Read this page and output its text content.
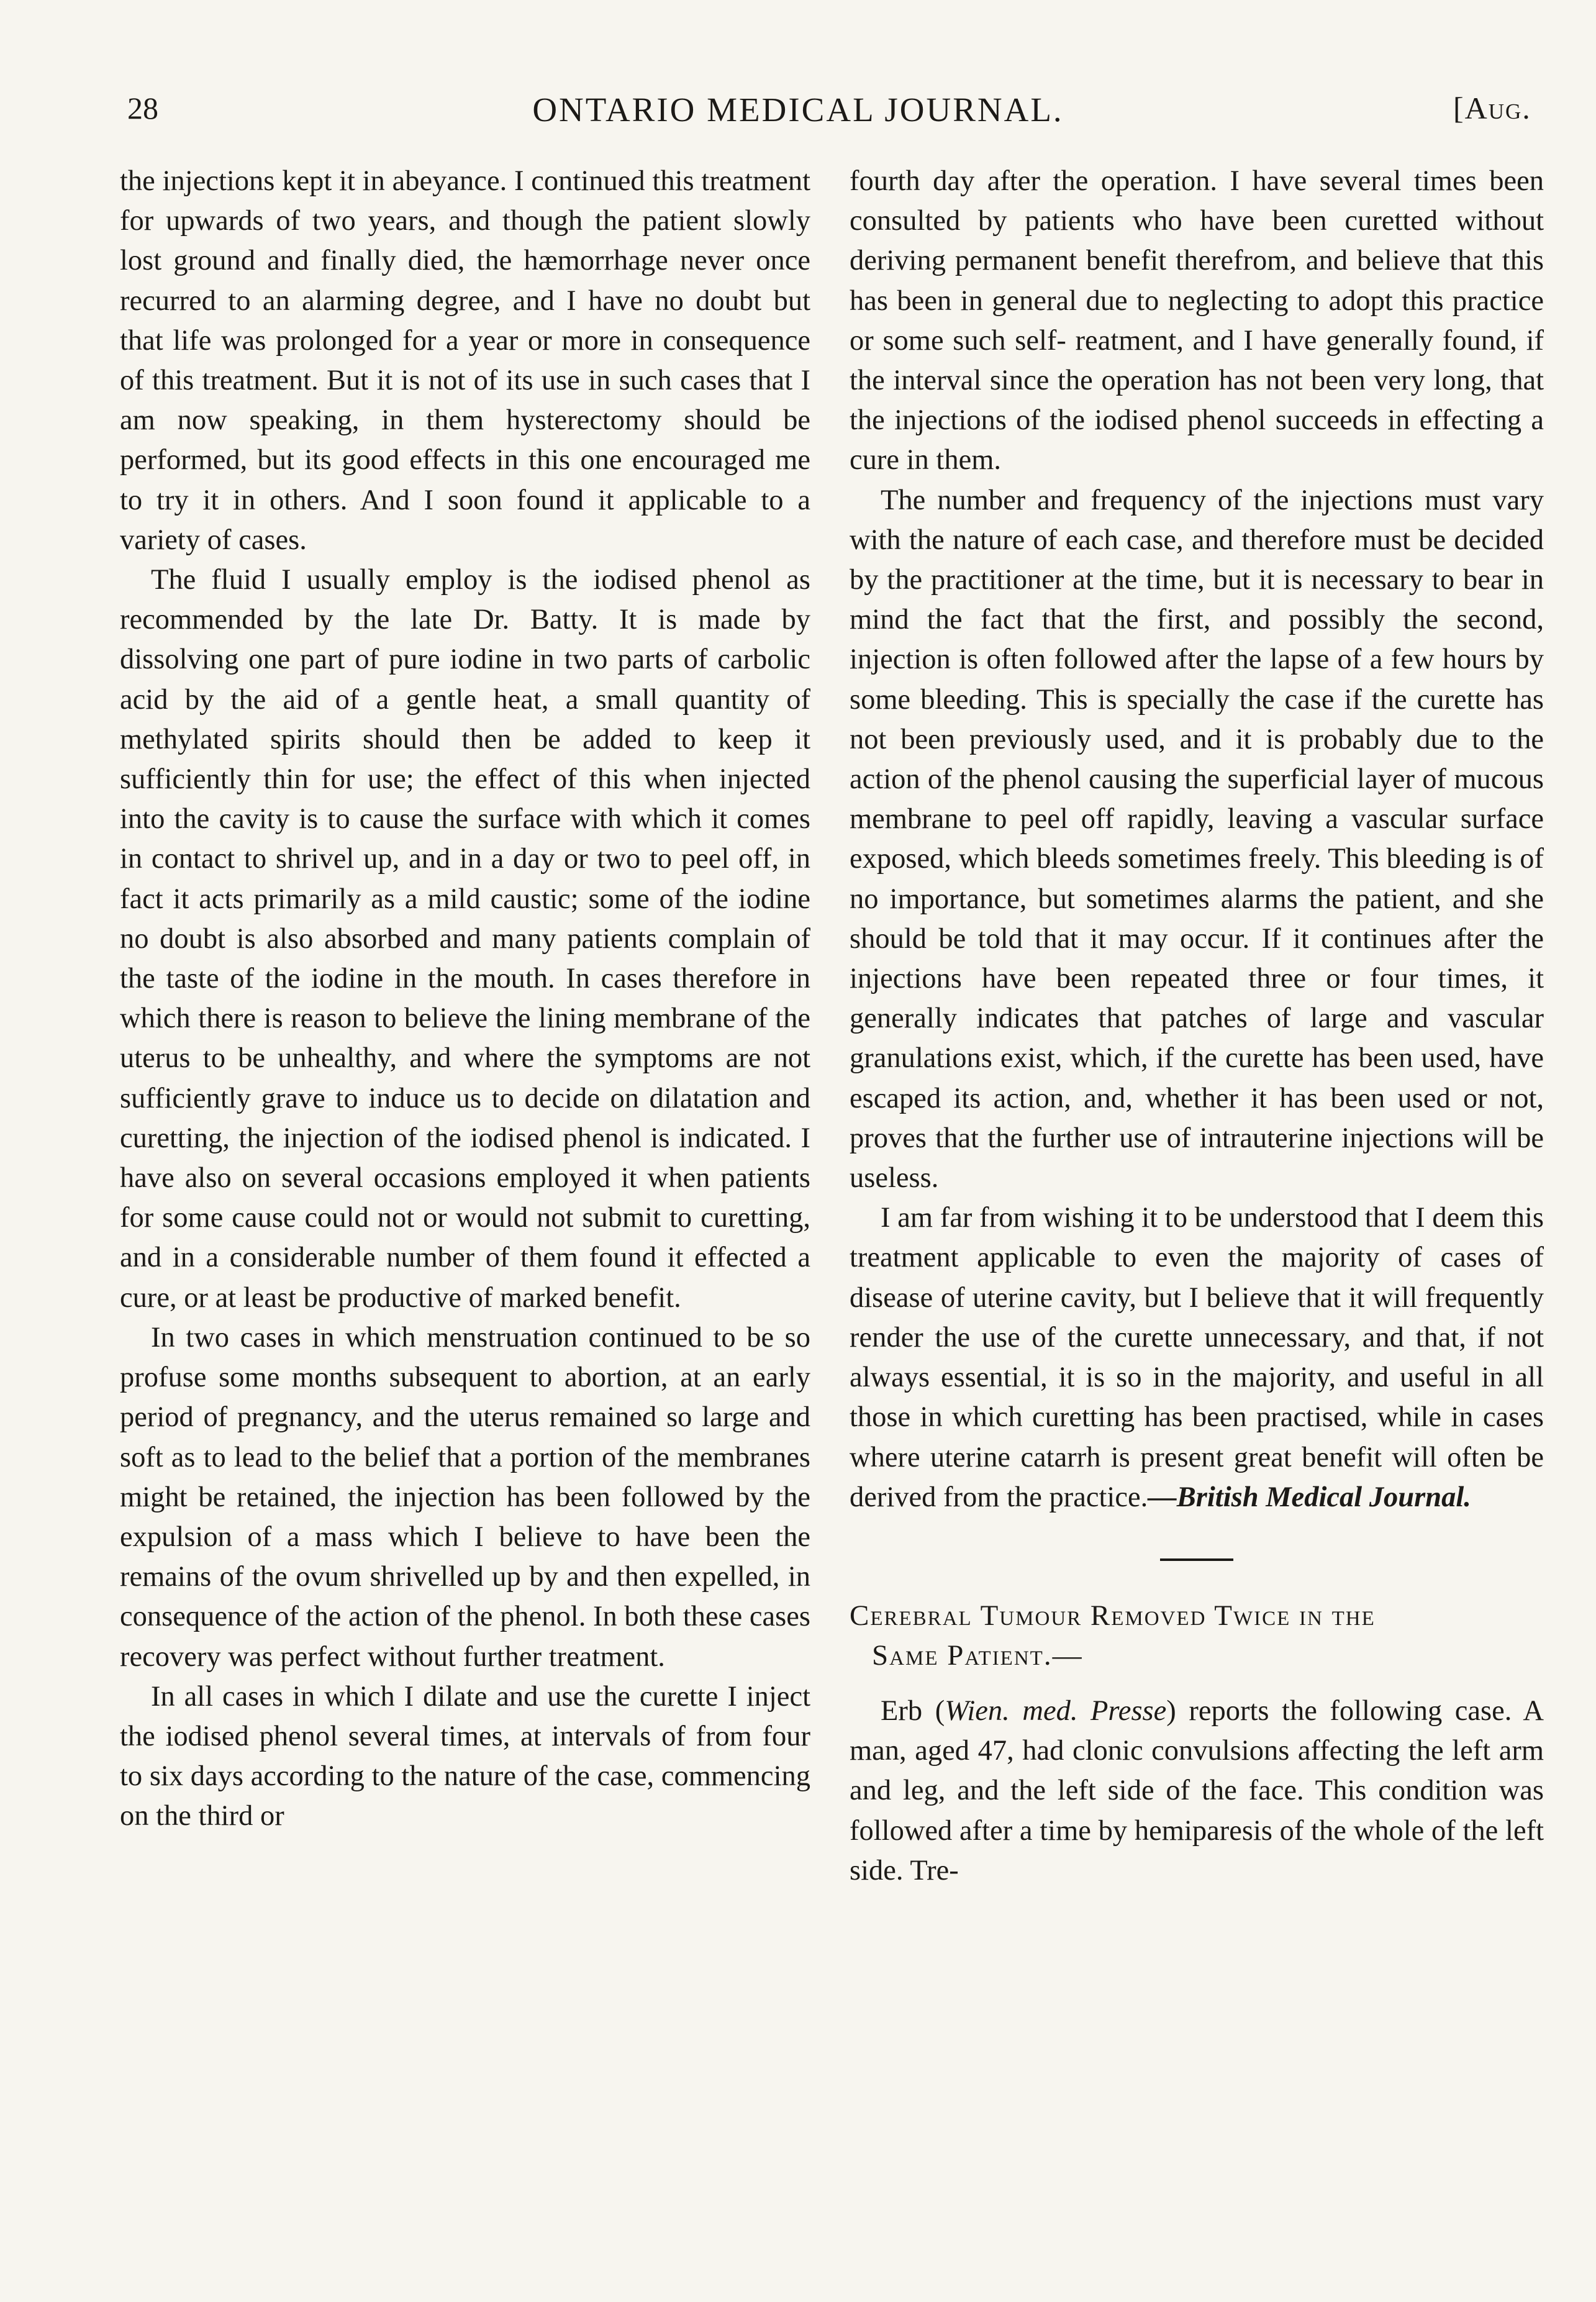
28	ONTARIO MEDICAL JOURNAL.	[Aug.

the injections kept it in abeyance. I continued this treatment for upwards of two years, and though the patient slowly lost ground and finally died, the hæmorrhage never once recurred to an alarming degree, and I have no doubt but that life was prolonged for a year or more in consequence of this treatment. But it is not of its use in such cases that I am now speaking, in them hysterectomy should be performed, but its good effects in this one encouraged me to try it in others. And I soon found it applicable to a variety of cases.

The fluid I usually employ is the iodised phenol as recommended by the late Dr. Batty. It is made by dissolving one part of pure iodine in two parts of carbolic acid by the aid of a gentle heat, a small quantity of methylated spirits should then be added to keep it sufficiently thin for use; the effect of this when injected into the cavity is to cause the surface with which it comes in contact to shrivel up, and in a day or two to peel off, in fact it acts primarily as a mild caustic; some of the iodine no doubt is also absorbed and many patients complain of the taste of the iodine in the mouth. In cases therefore in which there is reason to believe the lining membrane of the uterus to be unhealthy, and where the symptoms are not sufficiently grave to induce us to decide on dilatation and curetting, the injection of the iodised phenol is indicated. I have also on several occasions employed it when patients for some cause could not or would not submit to curetting, and in a considerable number of them found it effected a cure, or at least be productive of marked benefit.

In two cases in which menstruation continued to be so profuse some months subsequent to abortion, at an early period of pregnancy, and the uterus remained so large and soft as to lead to the belief that a portion of the membranes might be retained, the injection has been followed by the expulsion of a mass which I believe to have been the remains of the ovum shrivelled up by and then expelled, in consequence of the action of the phenol. In both these cases recovery was perfect without further treatment.

In all cases in which I dilate and use the curette I inject the iodised phenol several times, at intervals of from four to six days according to the nature of the case, commencing on the third or

fourth day after the operation. I have several times been consulted by patients who have been curetted without deriving permanent benefit therefrom, and believe that this has been in general due to neglecting to adopt this practice or some such self- reatment, and I have generally found, if the interval since the operation has not been very long, that the injections of the iodised phenol succeeds in effecting a cure in them.

The number and frequency of the injections must vary with the nature of each case, and therefore must be decided by the practitioner at the time, but it is necessary to bear in mind the fact that the first, and possibly the second, injection is often followed after the lapse of a few hours by some bleeding. This is specially the case if the curette has not been previously used, and it is probably due to the action of the phenol causing the superficial layer of mucous membrane to peel off rapidly, leaving a vascular surface exposed, which bleeds sometimes freely. This bleeding is of no importance, but sometimes alarms the patient, and she should be told that it may occur. If it continues after the injections have been repeated three or four times, it generally indicates that patches of large and vascular granulations exist, which, if the curette has been used, have escaped its action, and, whether it has been used or not, proves that the further use of intrauterine injections will be useless.

I am far from wishing it to be understood that I deem this treatment applicable to even the majority of cases of disease of uterine cavity, but I believe that it will frequently render the use of the curette unnecessary, and that, if not always essential, it is so in the majority, and useful in all those in which curetting has been practised, while in cases where uterine catarrh is present great benefit will often be derived from the practice.—British Medical Journal.

Cerebral Tumour Removed Twice in the
Same Patient.—

Erb (Wien. med. Presse) reports the following case. A man, aged 47, had clonic convulsions affecting the left arm and leg, and the left side of the face. This condition was followed after a time by hemiparesis of the whole of the left side. Tre-
